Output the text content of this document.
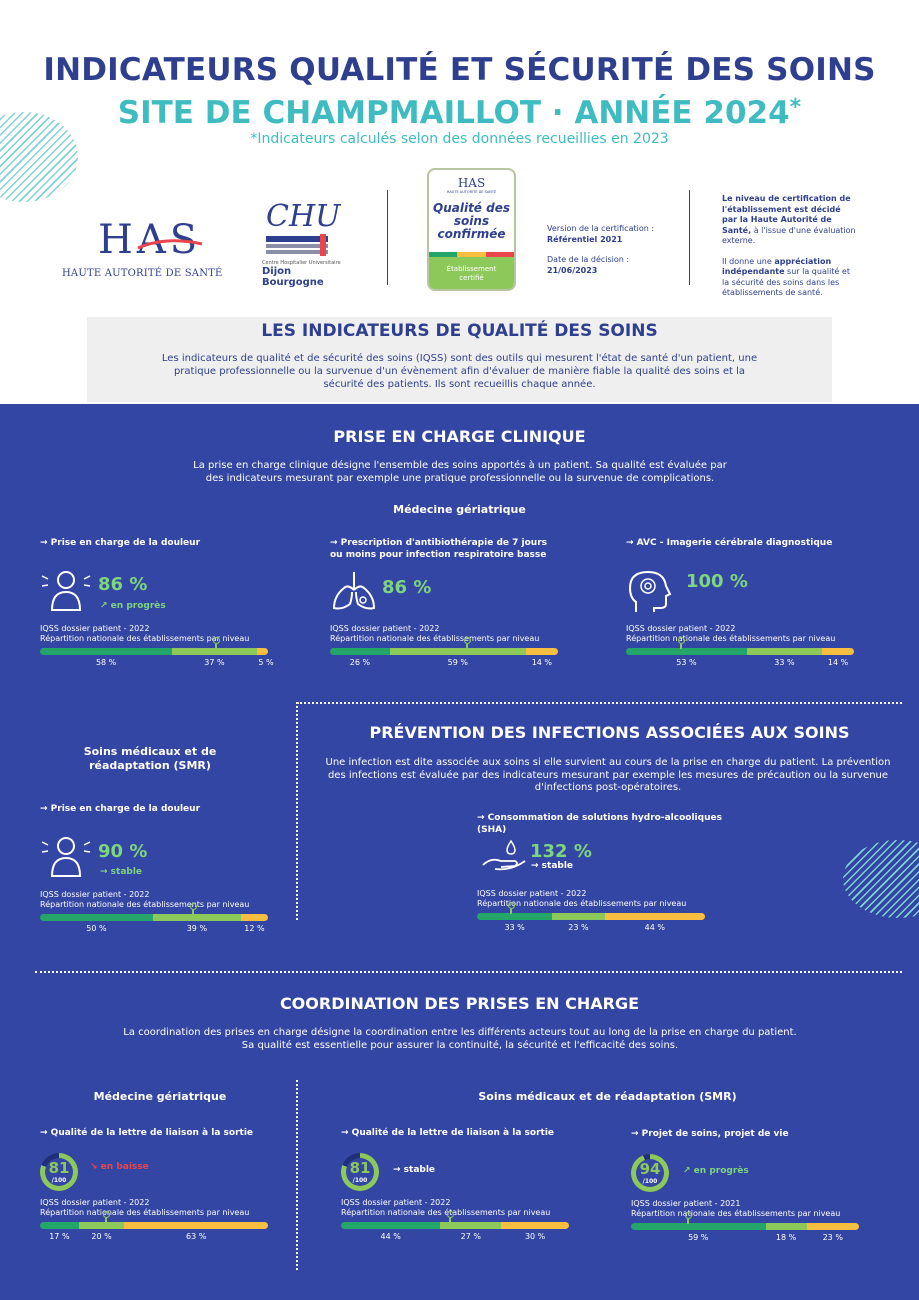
INDICATEURS QUALITÉ ET SÉCURITÉ DES SOINS
SITE DE CHAMPMAILLOT · ANNÉE 2024*
*Indicateurs calculés selon des données recueillies en 2023
HAS
HAUTE AUTORITÉ DE SANTÉ
CHU
Centre Hospitalier Universitaire
Dijon Bourgogne
HAS
HAUTE AUTORITÉ DE SANTÉ
Qualité des soins confirmée
Établissement certifié
Version de la certification :
Référentiel 2021
Date de la décision :
21/06/2023
Le niveau de certification de l'établissement est décidé par la Haute Autorité de Santé, à l'issue d'une évaluation externe.
Il donne une appréciation indépendante sur la qualité et la sécurité des soins dans les établissements de santé.
LES INDICATEURS DE QUALITÉ DES SOINS
Les indicateurs de qualité et de sécurité des soins (IQSS) sont des outils qui mesurent l'état de santé d'un patient, une pratique professionnelle ou la survenue d'un évènement afin d'évaluer de manière fiable la qualité des soins et la sécurité des patients. Ils sont recueillis chaque année.
PRISE EN CHARGE CLINIQUE
La prise en charge clinique désigne l'ensemble des soins apportés à un patient. Sa qualité est évaluée par des indicateurs mesurant par exemple une pratique professionnelle ou la survenue de complications.
Médecine gériatrique
→ Prise en charge de la douleur
86 %
↗ en progrès
IQSS dossier patient - 2022
Répartition nationale des établissements par niveau
58 %	37 %	5 %
→ Prescription d'antibiothérapie de 7 jours ou moins pour infection respiratoire basse
86 %
IQSS dossier patient - 2022
Répartition nationale des établissements par niveau
26 %	59 %	14 %
→ AVC - Imagerie cérébrale diagnostique
100 %
IQSS dossier patient - 2022
Répartition nationale des établissements par niveau
53 %	33 %	14 %
Soins médicaux et de réadaptation (SMR)
→ Prise en charge de la douleur
90 %
→ stable
IQSS dossier patient - 2022
Répartition nationale des établissements par niveau
50 %	39 %	12 %
PRÉVENTION DES INFECTIONS ASSOCIÉES AUX SOINS
Une infection est dite associée aux soins si elle survient au cours de la prise en charge du patient. La prévention des infections est évaluée par des indicateurs mesurant par exemple les mesures de précaution ou la survenue d'infections post-opératoires.
→ Consommation de solutions hydro-alcooliques (SHA)
132 %
→ stable
IQSS dossier patient - 2022
Répartition nationale des établissements par niveau
33 %	23 %	44 %
COORDINATION DES PRISES EN CHARGE
La coordination des prises en charge désigne la coordination entre les différents acteurs tout au long de la prise en charge du patient.
Sa qualité est essentielle pour assurer la continuité, la sécurité et l'efficacité des soins.
Médecine gériatrique	Soins médicaux et de réadaptation (SMR)
→ Qualité de la lettre de liaison à la sortie
81
/100
↘ en baisse
IQSS dossier patient - 2022
Répartition nationale des établissements par niveau
17 %	20 %	63 %
→ Qualité de la lettre de liaison à la sortie
81
/100
→ stable
IQSS dossier patient - 2022
Répartition nationale des établissements par niveau
44 %	27 %	30 %
→ Projet de soins, projet de vie
94
/100
↗ en progrès
IQSS dossier patient - 2021
Répartition nationale des établissements par niveau
59 %	18 %	23 %
